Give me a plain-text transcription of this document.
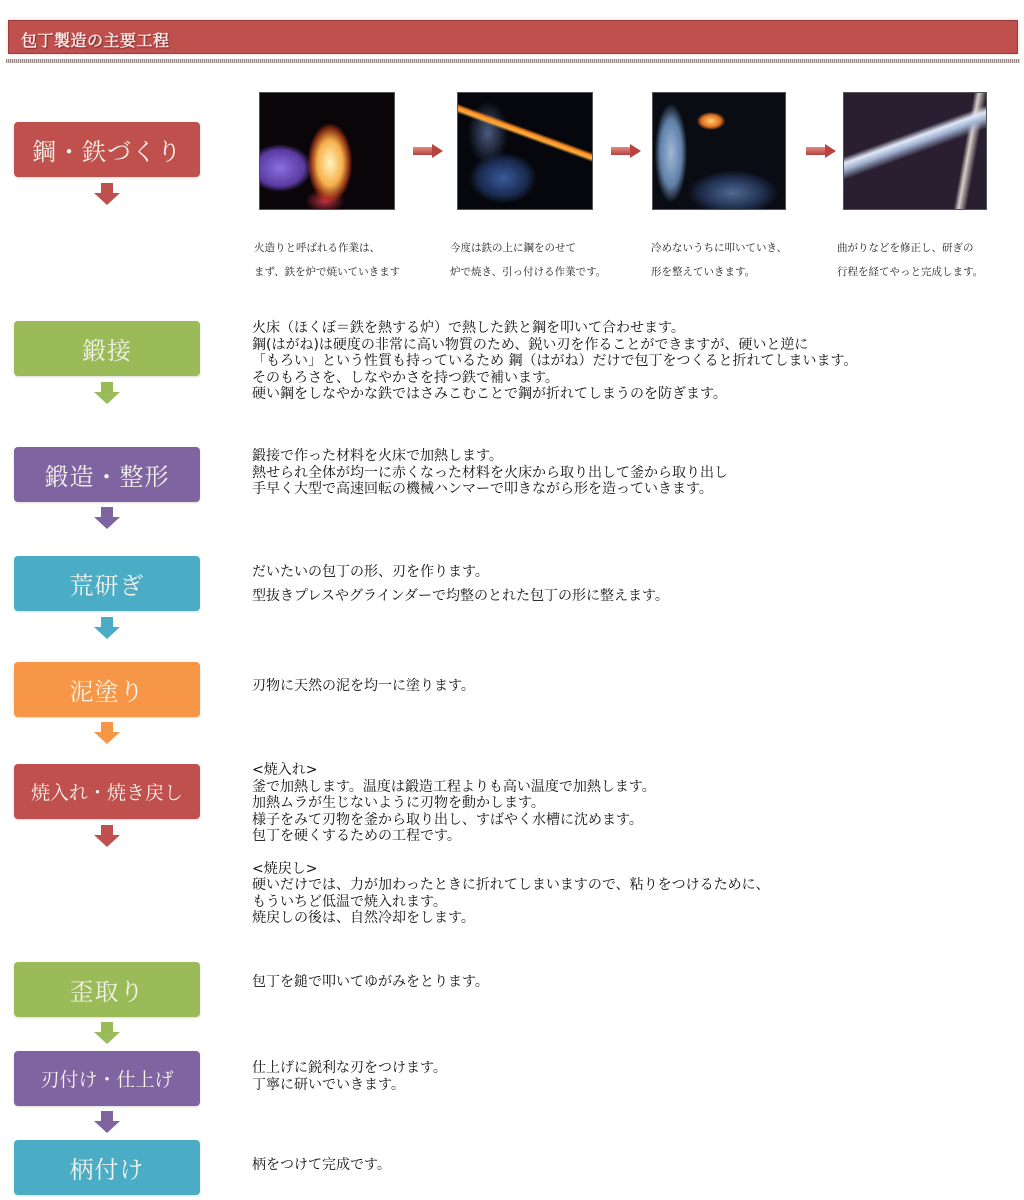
包丁製造の主要工程
鋼・鉄づくり
火造りと呼ばれる作業は、
まず、鉄を炉で焼いていきます
今度は鉄の上に鋼をのせて
炉で焼き、引っ付ける作業です。
冷めないうちに叩いていき、
形を整えていきます。
曲がりなどを修正し、研ぎの
行程を経てやっと完成します。
鍛接
火床（ほくぼ＝鉄を熱する炉）で熱した鉄と鋼を叩いて合わせます。
鋼(はがね)は硬度の非常に高い物質のため、鋭い刃を作ることができますが、硬いと逆に
「もろい」という性質も持っているため 鋼（はがね）だけで包丁をつくると折れてしまいます。
そのもろさを、しなやかさを持つ鉄で補います。
硬い鋼をしなやかな鉄ではさみこむことで鋼が折れてしまうのを防ぎます。
鍛造・整形
鍛接で作った材料を火床で加熱します。
熱せられ全体が均一に赤くなった材料を火床から取り出して釜から取り出し
手早く大型で高速回転の機械ハンマーで叩きながら形を造っていきます。
荒研ぎ	だいたいの包丁の形、刃を作ります。
型抜きプレスやグラインダーで均整のとれた包丁の形に整えます。
泥塗り	刃物に天然の泥を均一に塗ります。
焼入れ・焼き戻し
<焼入れ>
釜で加熱します。温度は鍛造工程よりも高い温度で加熱します。
加熱ムラが生じないように刃物を動かします。
様子をみて刃物を釜から取り出し、すばやく水槽に沈めます。
包丁を硬くするための工程です。
<焼戻し>
硬いだけでは、力が加わったときに折れてしまいますので、粘りをつけるために、
もういちど低温で焼入れます。
焼戻しの後は、自然冷却をします。
歪取り	包丁を鎚で叩いてゆがみをとります。
刃付け・仕上げ
仕上げに鋭利な刃をつけます。
丁寧に研いでいきます。
柄付け	柄をつけて完成です。
